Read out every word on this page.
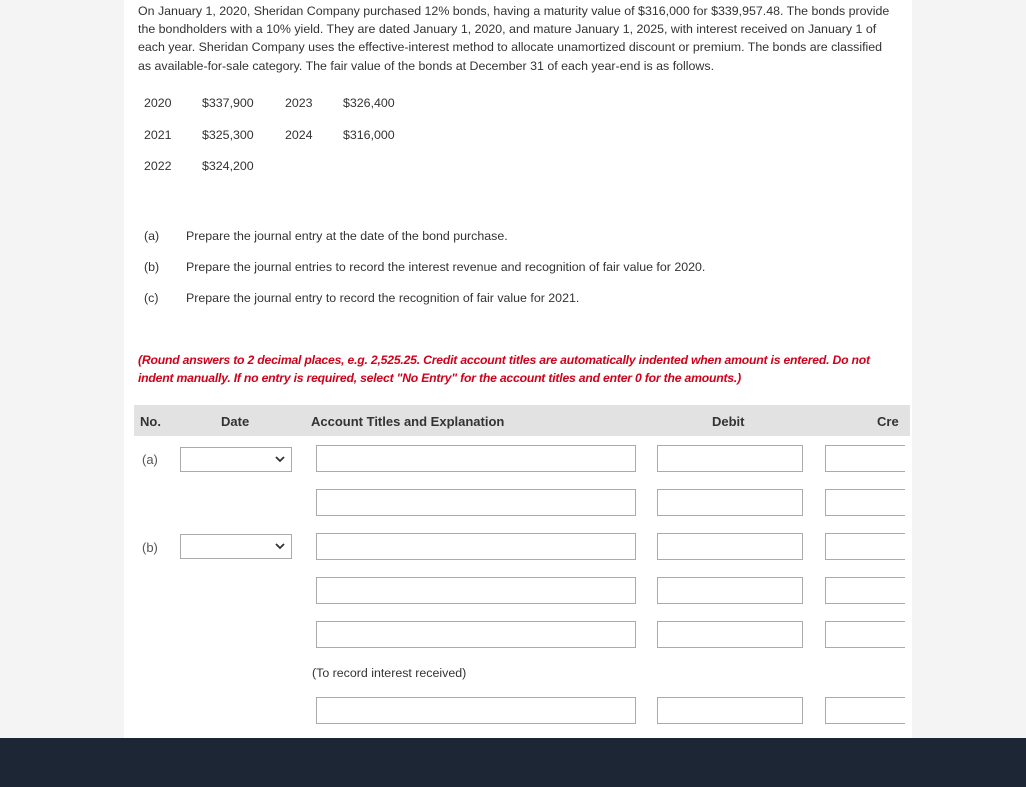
On January 1, 2020, Sheridan Company purchased 12% bonds, having a maturity value of $316,000 for $339,957.48. The bonds provide the bondholders with a 10% yield. They are dated January 1, 2020, and mature January 1, 2025, with interest received on January 1 of each year. Sheridan Company uses the effective-interest method to allocate unamortized discount or premium. The bonds are classified as available-for-sale category. The fair value of the bonds at December 31 of each year-end is as follows.
2020 $337,900	2023 $326,400
2021 $325,300	2024 $316,000
2022 $324,200
(a)	Prepare the journal entry at the date of the bond purchase.
(b)	Prepare the journal entries to record the interest revenue and recognition of fair value for 2020.
(c)	Prepare the journal entry to record the recognition of fair value for 2021.
(Round answers to 2 decimal places, e.g. 2,525.25. Credit account titles are automatically indented when amount is entered. Do not indent manually. If no entry is required, select "No Entry" for the account titles and enter 0 for the amounts.)
No.	Date	Account Titles and Explanation	Debit	Cre
(a)
(b)
(To record interest received)
